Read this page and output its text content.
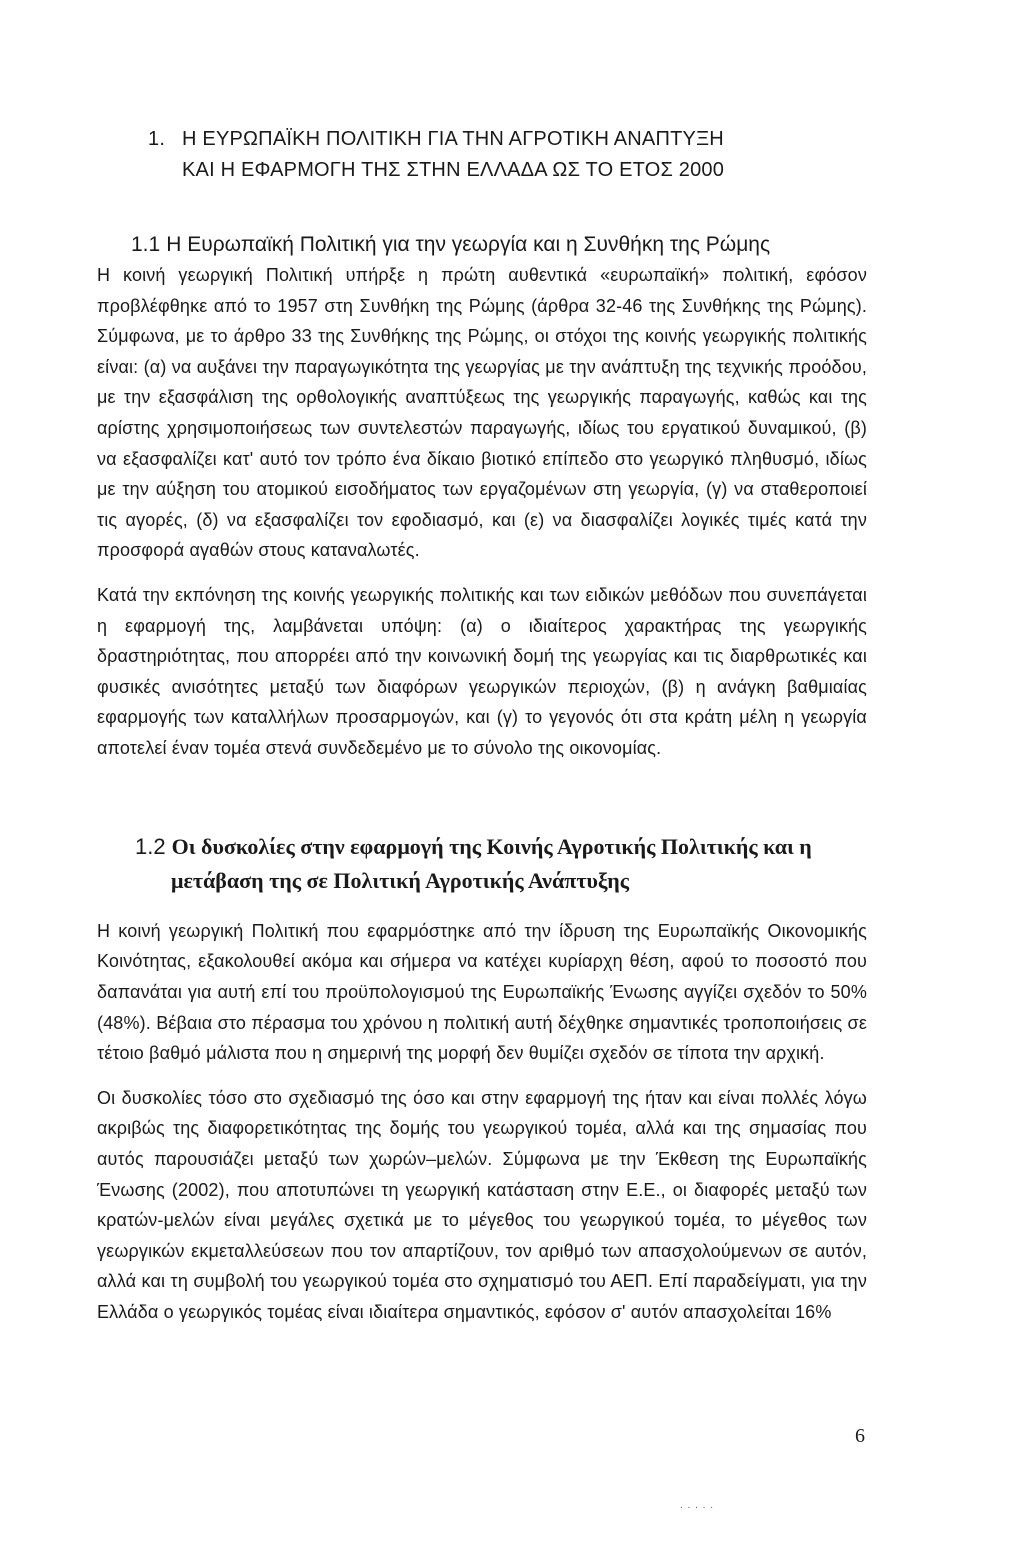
1. Η ΕΥΡΩΠΑΪΚΗ ΠΟΛΙΤΙΚΗ ΓΙΑ ΤΗΝ ΑΓΡΟΤΙΚΗ ΑΝΑΠΤΥΞΗ
ΚΑΙ Η ΕΦΑΡΜΟΓΗ ΤΗΣ ΣΤΗΝ ΕΛΛΑΔΑ ΩΣ ΤΟ ΕΤΟΣ 2000
1.1 Η Ευρωπαϊκή Πολιτική για την γεωργία και η Συνθήκη της Ρώμης

Η κοινή γεωργική Πολιτική υπήρξε η πρώτη αυθεντικά «ευρωπαϊκή» πολιτική, εφόσον προβλέφθηκε από το 1957 στη Συνθήκη της Ρώμης (άρθρα 32-46 της Συνθήκης της Ρώμης). Σύμφωνα, με το άρθρο 33 της Συνθήκης της Ρώμης, οι στόχοι της κοινής γεωργικής πολιτικής είναι: (α) να αυξάνει την παραγωγικότητα της γεωργίας με την ανάπτυξη της τεχνικής προόδου, με την εξασφάλιση της ορθολογικής αναπτύξεως της γεωργικής παραγωγής, καθώς και της αρίστης χρησιμοποιήσεως των συντελεστών παραγωγής, ιδίως του εργατικού δυναμικού, (β) να εξασφαλίζει κατ' αυτό τον τρόπο ένα δίκαιο βιοτικό επίπεδο στο γεωργικό πληθυσμό, ιδίως με την αύξηση του ατομικού εισοδήματος των εργαζομένων στη γεωργία, (γ) να σταθεροποιεί τις αγορές, (δ) να εξασφαλίζει τον εφοδιασμό, και (ε) να διασφαλίζει λογικές τιμές κατά την προσφορά αγαθών στους καταναλωτές.

Κατά την εκπόνηση της κοινής γεωργικής πολιτικής και των ειδικών μεθόδων που συνεπάγεται η εφαρμογή της, λαμβάνεται υπόψη: (α) ο ιδιαίτερος χαρακτήρας της γεωργικής δραστηριότητας, που απορρέει από την κοινωνική δομή της γεωργίας και τις διαρθρωτικές και φυσικές ανισότητες μεταξύ των διαφόρων γεωργικών περιοχών, (β) η ανάγκη βαθμιαίας εφαρμογής των καταλλήλων προσαρμογών, και (γ) το γεγονός ότι στα κράτη μέλη η γεωργία αποτελεί έναν τομέα στενά συνδεδεμένο με το σύνολο της οικονομίας.

1.2 Οι δυσκολίες στην εφαρμογή της Κοινής Αγροτικής Πολιτικής και η
μετάβαση της σε Πολιτική Αγροτικής Ανάπτυξης

Η κοινή γεωργική Πολιτική που εφαρμόστηκε από την ίδρυση της Ευρωπαϊκής Οικονομικής Κοινότητας, εξακολουθεί ακόμα και σήμερα να κατέχει κυρίαρχη θέση, αφού το ποσοστό που δαπανάται για αυτή επί του προϋπολογισμού της Ευρωπαϊκής Ένωσης αγγίζει σχεδόν το 50% (48%). Βέβαια στο πέρασμα του χρόνου η πολιτική αυτή δέχθηκε σημαντικές τροποποιήσεις σε τέτοιο βαθμό μάλιστα που η σημερινή της μορφή δεν θυμίζει σχεδόν σε τίποτα την αρχική.

Οι δυσκολίες τόσο στο σχεδιασμό της όσο και στην εφαρμογή της ήταν και είναι πολλές λόγω ακριβώς της διαφορετικότητας της δομής του γεωργικού τομέα, αλλά και της σημασίας που αυτός παρουσιάζει μεταξύ των χωρών–μελών. Σύμφωνα με την Έκθεση της Ευρωπαϊκής Ένωσης (2002), που αποτυπώνει τη γεωργική κατάσταση στην Ε.Ε., οι διαφορές μεταξύ των κρατών-μελών είναι μεγάλες σχετικά με το μέγεθος του γεωργικού τομέα, το μέγεθος των γεωργικών εκμεταλλεύσεων που τον απαρτίζουν, τον αριθμό των απασχολούμενων σε αυτόν, αλλά και τη συμβολή του γεωργικού τομέα στο σχηματισμό του ΑΕΠ. Επί παραδείγματι, για την Ελλάδα ο γεωργικός τομέας είναι ιδιαίτερα σημαντικός, εφόσον σ' αυτόν απασχολείται 16%

6
. . . . .
